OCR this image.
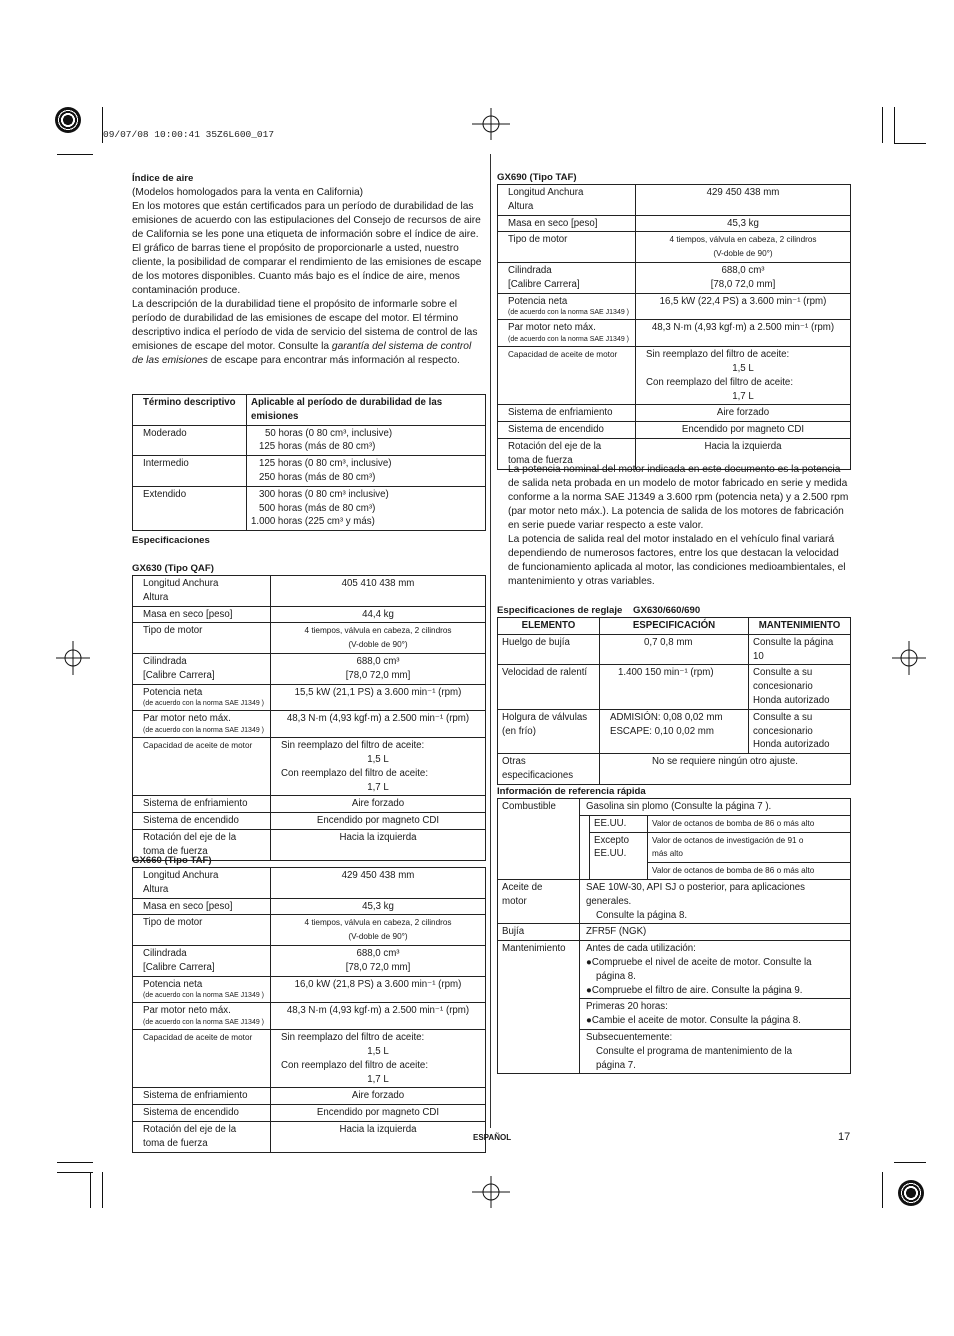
09/07/08 10:00:41 35Z6L600_017
Índice de aire
(Modelos homologados para la venta en California)
En los motores que están certificados para un período de durabilidad de las emisiones de acuerdo con las estipulaciones del Consejo de recursos de aire de California se les pone una etiqueta de información sobre el índice de aire.
El gráfico de barras tiene el propósito de proporcionarle a usted, nuestro cliente, la posibilidad de comparar el rendimiento de las emisiones de escape de los motores disponibles. Cuanto más bajo es el índice de aire, menos contaminación produce.
La descripción de la durabilidad tiene el propósito de informarle sobre el período de durabilidad de las emisiones de escape del motor. El término descriptivo indica el período de vida de servicio del sistema de control de las emisiones de escape del motor. Consulte la garantía del sistema de control de las emisiones de escape para encontrar más información al respecto.
Término descriptivo	Aplicable al período de durabilidad de las emisiones
Moderado	50 horas (0 80 cm³, inclusive)
125 horas (más de 80 cm³)

Intermedio	125 horas (0 80 cm³, inclusive)
250 horas (más de 80 cm³)

Extendido	300 horas (0 80 cm³ inclusive)
500 horas (más de 80 cm³)
1.000 horas (225 cm³ y más)
Especificaciones
GX630 (Tipo QAF)
Longitud Anchura
Altura	405 410 438 mm
Masa en seco [peso]	44,4 kg
Tipo de motor	4 tiempos, válvula en cabeza, 2 cilindros
(V-doble de 90°)

Cilindrada
[Calibre Carrera]	688,0 cm³
[78,0 72,0 mm]

Potencia neta
(de acuerdo con la norma SAE J1349 )	15,5 kW (21,1 PS) a 3.600 min⁻¹ (rpm)

Par motor neto máx.
(de acuerdo con la norma SAE J1349 )	48,3 N·m (4,93 kgf·m) a 2.500 min⁻¹ (rpm)
Capacidad de aceite de motor	Sin reemplazo del filtro de aceite:
1,5 L
Con reemplazo del filtro de aceite:
1,7 L

Sistema de enfriamiento	Aire forzado
Sistema de encendido	Encendido por magneto CDI

Rotación del eje de la
toma de fuerza	Hacia la izquierda
GX660 (Tipo TAF)
Longitud Anchura
Altura	429 450 438 mm
Masa en seco [peso]	45,3 kg
Tipo de motor	4 tiempos, válvula en cabeza, 2 cilindros
(V-doble de 90°)

Cilindrada
[Calibre Carrera]	688,0 cm³
[78,0 72,0 mm]

Potencia neta
(de acuerdo con la norma SAE J1349 )	16,0 kW (21,8 PS) a 3.600 min⁻¹ (rpm)

Par motor neto máx.
(de acuerdo con la norma SAE J1349 )	48,3 N·m (4,93 kgf·m) a 2.500 min⁻¹ (rpm)
Capacidad de aceite de motor	Sin reemplazo del filtro de aceite:
1,5 L
Con reemplazo del filtro de aceite:
1,7 L

Sistema de enfriamiento	Aire forzado
Sistema de encendido	Encendido por magneto CDI

Rotación del eje de la
toma de fuerza	Hacia la izquierda
GX690 (Tipo TAF)
Longitud Anchura
Altura	429 450 438 mm
Masa en seco [peso]	45,3 kg
Tipo de motor	4 tiempos, válvula en cabeza, 2 cilindros
(V-doble de 90°)

Cilindrada
[Calibre Carrera]	688,0 cm³
[78,0 72,0 mm]

Potencia neta
(de acuerdo con la norma SAE J1349 )	16,5 kW (22,4 PS) a 3.600 min⁻¹ (rpm)

Par motor neto máx.
(de acuerdo con la norma SAE J1349 )	48,3 N·m (4,93 kgf·m) a 2.500 min⁻¹ (rpm)
Capacidad de aceite de motor	Sin reemplazo del filtro de aceite:
1,5 L
Con reemplazo del filtro de aceite:
1,7 L

Sistema de enfriamiento	Aire forzado
Sistema de encendido	Encendido por magneto CDI

Rotación del eje de la
toma de fuerza	Hacia la izquierda
La potencia nominal del motor indicada en este documento es la potencia de salida neta probada en un modelo de motor fabricado en serie y medida conforme a la norma SAE J1349 a 3.600 rpm (potencia neta) y a 2.500 rpm (par motor neto máx.). La potencia de salida de los motores de fabricación en serie puede variar respecto a este valor.
La potencia de salida real del motor instalado en el vehículo final variará dependiendo de numerosos factores, entre los que destacan la velocidad de funcionamiento aplicada al motor, las condiciones medioambientales, el mantenimiento y otras variables.
Especificaciones de reglaje    GX630/660/690
ELEMENTO	ESPECIFICACIÓN	MANTENIMIENTO
Huelgo de bujía	0,7 0,8 mm	Consulte la página
10

Velocidad de ralentí	1.400 150 min⁻¹ (rpm)	Consulte a su
concesionario
Honda autorizado

Holgura de válvulas
(en frío)	ADMISIÓN: 0,08 0,02 mm
ESCAPE: 0,10 0,02 mm	Consulte a su
concesionario
Honda autorizado

Otras
especificaciones	No se requiere ningún otro ajuste.	
Información de referencia rápida
Combustible	Gasolina sin plomo (Consulte la página 7 ).		
		EE.UU.	Valor de octanos de bomba de 86 o más alto

		Excepto
EE.UU.	Valor de octanos de investigación de 91 o
más alto

			Valor de octanos de bomba de 86 o más alto

Aceite de
motor	SAE 10W-30, API SJ o posterior, para aplicaciones
generales.
Consulte la página 8.		

Bujía	ZFR5F (NGK)		
Mantenimiento	Antes de cada utilización:
●Compruebe el nivel de aceite de motor. Consulte la
página 8.
●Compruebe el filtro de aire. Consulte la página 9.		

	Primeras 20 horas:
●Cambie el aceite de motor. Consulte la página 8.		

	Subsecuentemente:
Consulte el programa de mantenimiento de la
página 7.		
ESPAÑOL	17
